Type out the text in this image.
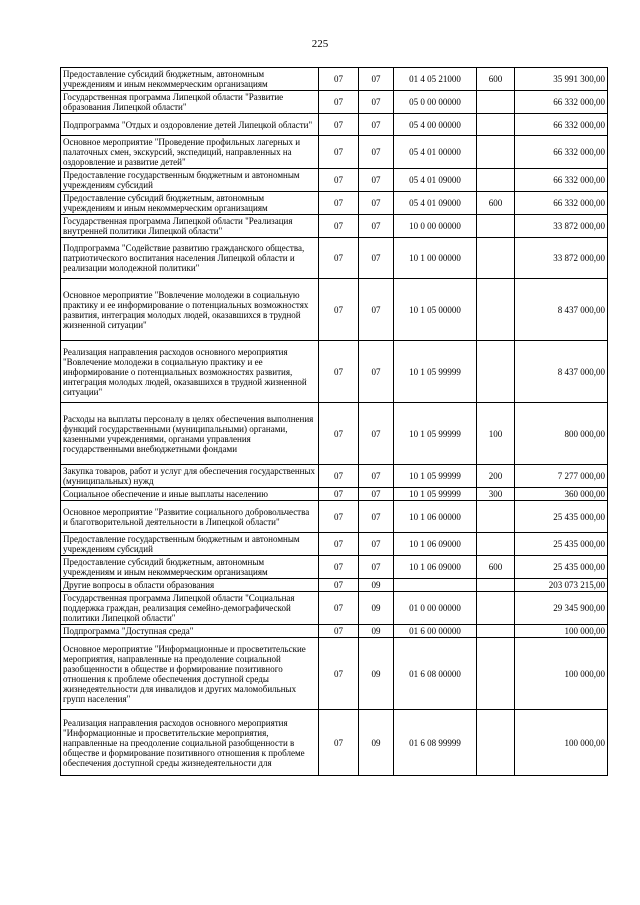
225
Предоставление субсидий бюджетным, автономным учреждениям и иным некоммерческим организациям	07	07	01 4 05 21000	600	35 991 300,00
Государственная программа Липецкой области "Развитие образования Липецкой области"	07	07	05 0 00 00000		66 332 000,00
Подпрограмма "Отдых и оздоровление детей Липецкой области"	07	07	05 4 00 00000		66 332 000,00
Основное мероприятие "Проведение профильных лагерных и палаточных смен, экскурсий, экспедиций, направленных на оздоровление и развитие детей"	07	07	05 4 01 00000		66 332 000,00
Предоставление государственным бюджетным и автономным учреждениям субсидий	07	07	05 4 01 09000		66 332 000,00
Предоставление субсидий бюджетным, автономным учреждениям и иным некоммерческим организациям	07	07	05 4 01 09000	600	66 332 000,00
Государственная программа Липецкой области "Реализация внутренней политики Липецкой области"	07	07	10 0 00 00000		33 872 000,00
Подпрограмма "Содействие развитию гражданского общества, патриотического воспитания населения Липецкой области и реализации молодежной политики"	07	07	10 1 00 00000		33 872 000,00
Основное мероприятие "Вовлечение молодежи в социальную практику и ее информирование о потенциальных возможностях развития, интеграция молодых людей, оказавшихся в трудной жизненной ситуации"	07	07	10 1 05 00000		8 437 000,00
Реализация направления расходов основного мероприятия "Вовлечение молодежи в социальную практику и ее информирование о потенциальных возможностях развития, интеграция молодых людей, оказавшихся в трудной жизненной ситуации"	07	07	10 1 05 99999		8 437 000,00
Расходы на выплаты персоналу в целях обеспечения выполнения функций государственными (муниципальными) органами, казенными учреждениями, органами управления государственными внебюджетными фондами	07	07	10 1 05 99999	100	800 000,00
Закупка товаров, работ и услуг для обеспечения государственных (муниципальных) нужд	07	07	10 1 05 99999	200	7 277 000,00
Социальное обеспечение и иные выплаты населению	07	07	10 1 05 99999	300	360 000,00
Основное мероприятие "Развитие социального добровольчества и благотворительной деятельности в Липецкой области"	07	07	10 1 06 00000		25 435 000,00
Предоставление государственным бюджетным и автономным учреждениям субсидий	07	07	10 1 06 09000		25 435 000,00
Предоставление субсидий бюджетным, автономным учреждениям и иным некоммерческим организациям	07	07	10 1 06 09000	600	25 435 000,00
Другие вопросы в области образования	07	09			203 073 215,00
Государственная программа Липецкой области "Социальная поддержка граждан, реализация семейно-демографической политики Липецкой области"	07	09	01 0 00 00000		29 345 900,00
Подпрограмма "Доступная среда"	07	09	01 6 00 00000		100 000,00
Основное мероприятие "Информационные и просветительские мероприятия, направленные на преодоление социальной разобщенности в обществе и формирование позитивного отношения к проблеме обеспечения доступной среды жизнедеятельности для инвалидов и других маломобильных групп населения"	07	09	01 6 08 00000		100 000,00
Реализация направления расходов основного мероприятия "Информационные и просветительские мероприятия, направленные на преодоление социальной разобщенности в обществе и формирование позитивного отношения к проблеме обеспечения доступной среды жизнедеятельности для	07	09	01 6 08 99999		100 000,00
